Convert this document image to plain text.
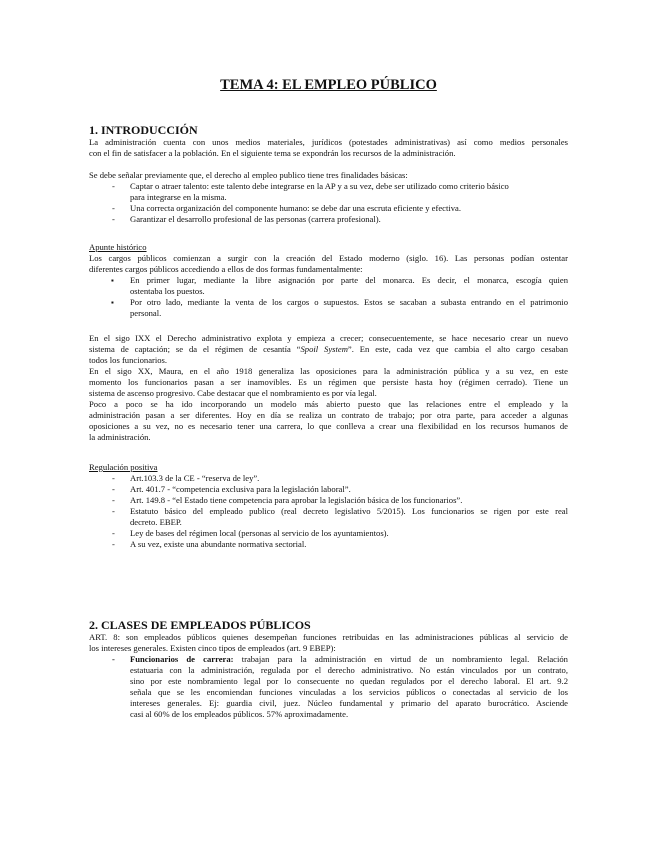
TEMA 4: EL EMPLEO PÚBLICO
1. INTRODUCCIÓN
La administración cuenta con unos medios materiales, jurídicos (potestades administrativas) así como medios personales
con el fin de satisfacer a la población. En el siguiente tema se expondrán los recursos de la administración.
Se debe señalar previamente que, el derecho al empleo publico tiene tres finalidades básicas:
- Captar o atraer talento: este talento debe integrarse en la AP y a su vez, debe ser utilizado como criterio básico
para integrarse en la misma.
- Una correcta organización del componente humano: se debe dar una escruta eficiente y efectiva.
- Garantizar el desarrollo profesional de las personas (carrera profesional).
Apunte histórico
Los cargos públicos comienzan a surgir con la creación del Estado moderno (siglo. 16). Las personas podían ostentar
diferentes cargos públicos accediendo a ellos de dos formas fundamentalmente:
▪ En primer lugar, mediante la libre asignación por parte del monarca. Es decir, el monarca, escogía quien
ostentaba los puestos.
▪ Por otro lado, mediante la venta de los cargos o supuestos. Estos se sacaban a subasta entrando en el patrimonio
personal.
En el sigo IXX el Derecho administrativo explota y empieza a crecer; consecuentemente, se hace necesario crear un nuevo
sistema de captación; se da el régimen de cesantía “Spoil System”. En este, cada vez que cambia el alto cargo cesaban
todos los funcionarios.
En el sigo XX, Maura, en el año 1918 generaliza las oposiciones para la administración pública y a su vez, en este
momento los funcionarios pasan a ser inamovibles. Es un régimen que persiste hasta hoy (régimen cerrado). Tiene un
sistema de ascenso progresivo. Cabe destacar que el nombramiento es por vía legal.
Poco a poco se ha ido incorporando un modelo más abierto puesto que las relaciones entre el empleado y la
administración pasan a ser diferentes. Hoy en día se realiza un contrato de trabajo; por otra parte, para acceder a algunas
oposiciones a su vez, no es necesario tener una carrera, lo que conlleva a crear una flexibilidad en los recursos humanos de
la administración.
Regulación positiva
- Art.103.3 de la CE - “reserva de ley”.
- Art. 401.7 - “competencia exclusiva para la legislación laboral”.
- Art. 149.8 - “el Estado tiene competencia para aprobar la legislación básica de los funcionarios”.
- Estatuto básico del empleado publico (real decreto legislativo 5/2015). Los funcionarios se rigen por este real
decreto. EBEP.
- Ley de bases del régimen local (personas al servicio de los ayuntamientos).
- A su vez, existe una abundante normativa sectorial.
2. CLASES DE EMPLEADOS PÚBLICOS
ART. 8: son empleados públicos quienes desempeñan funciones retribuidas en las administraciones públicas al servicio de
los intereses generales. Existen cinco tipos de empleados (art. 9 EBEP):
- Funcionarios de carrera: trabajan para la administración en virtud de un nombramiento legal. Relación
estatuaria con la administración, regulada por el derecho administrativo. No están vinculados por un contrato,
sino por este nombramiento legal por lo consecuente no quedan regulados por el derecho laboral. El art. 9.2
señala que se les encomiendan funciones vinculadas a los servicios públicos o conectadas al servicio de los
intereses generales. Ej: guardia civil, juez. Núcleo fundamental y primario del aparato burocrático. Asciende
casi al 60% de los empleados públicos. 57% aproximadamente.
